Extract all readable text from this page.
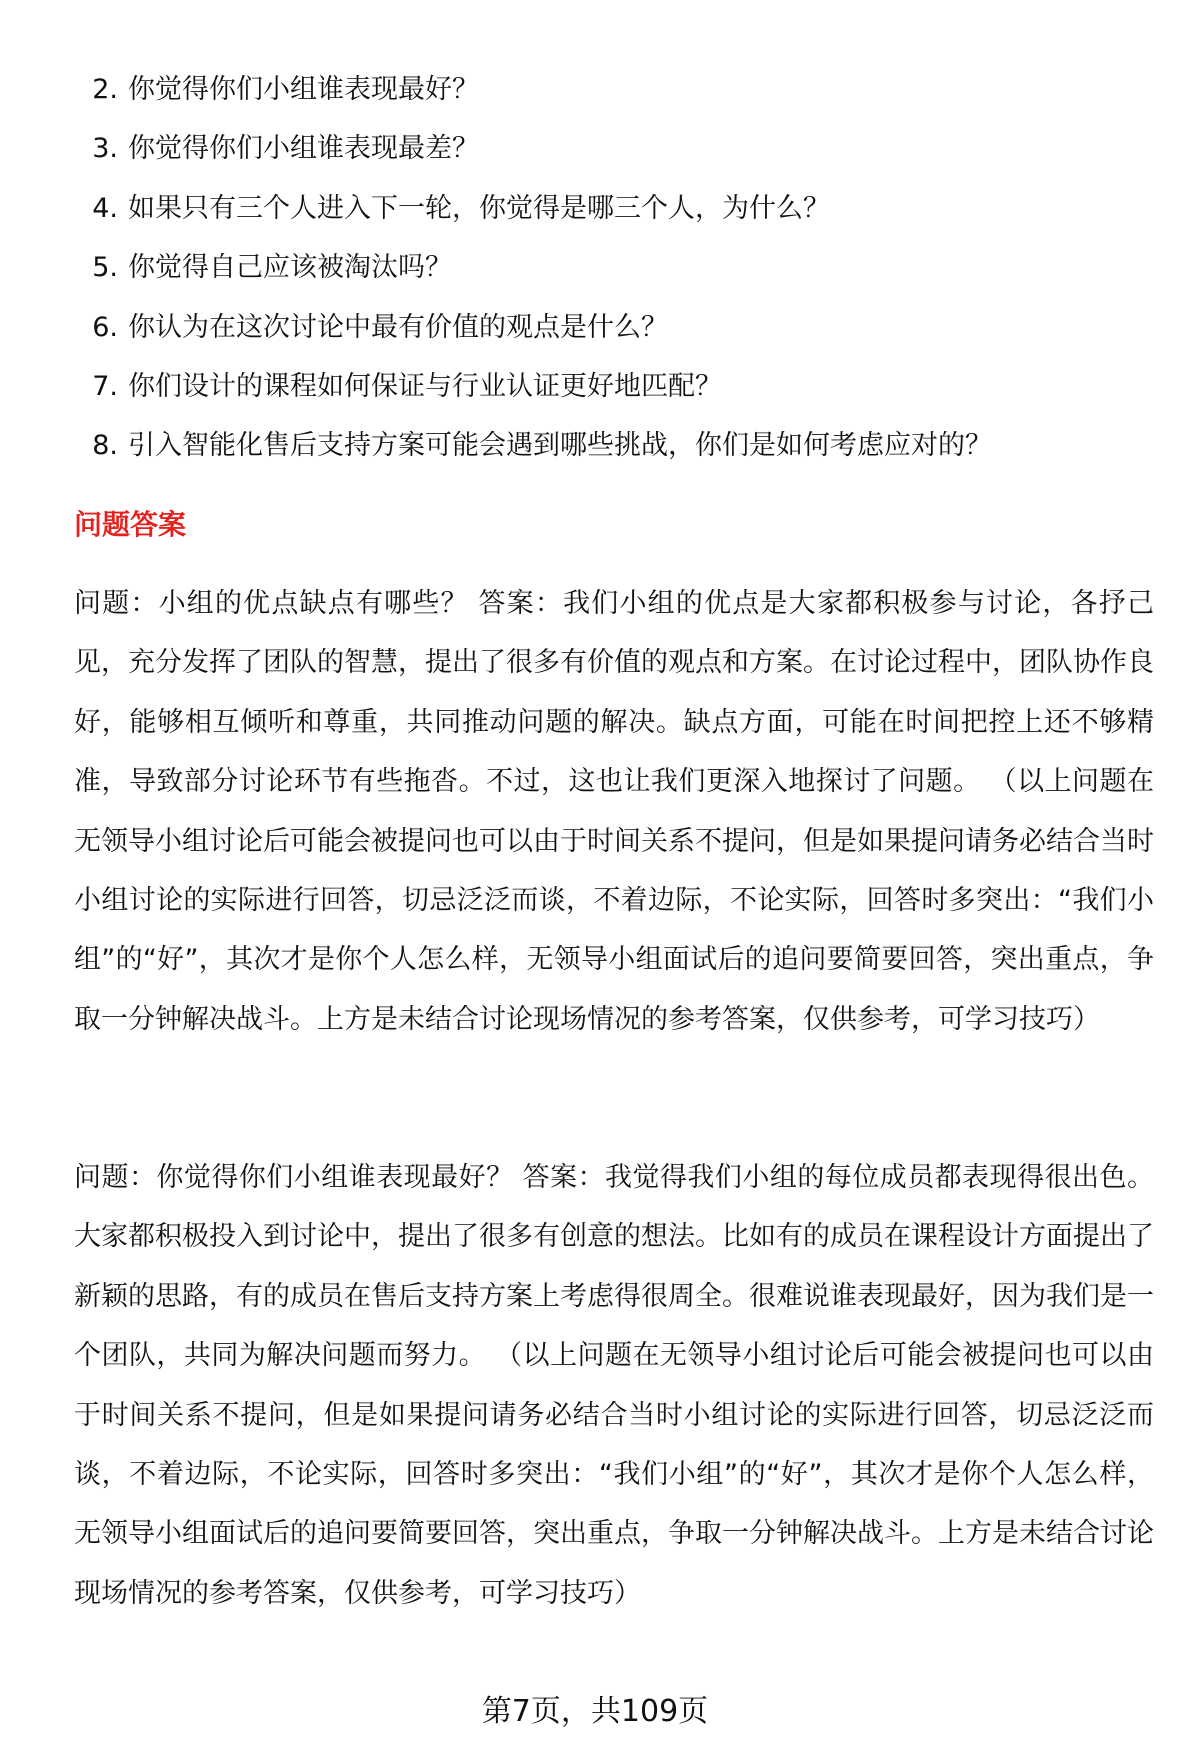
2. 你觉得你们小组谁表现最好？
3. 你觉得你们小组谁表现最差？
4. 如果只有三个人进入下一轮，你觉得是哪三个人，为什么？
5. 你觉得自己应该被淘汰吗？
6. 你认为在这次讨论中最有价值的观点是什么？
7. 你们设计的课程如何保证与行业认证更好地匹配？
8. 引入智能化售后支持方案可能会遇到哪些挑战，你们是如何考虑应对的？
问题答案

问题：小组的优点缺点有哪些？ 答案：我们小组的优点是大家都积极参与讨论，各抒己见，充分发挥了团队的智慧，提出了很多有价值的观点和方案。在讨论过程中，团队协作良好，能够相互倾听和尊重，共同推动问题的解决。缺点方面，可能在时间把控上还不够精准，导致部分讨论环节有些拖沓。不过，这也让我们更深入地探讨了问题。 （以上问题在无领导小组讨论后可能会被提问也可以由于时间关系不提问，但是如果提问请务必结合当时小组讨论的实际进行回答，切忌泛泛而谈，不着边际，不论实际，回答时多突出：“我们小组”的“好”，其次才是你个人怎么样，无领导小组面试后的追问要简要回答，突出重点，争取一分钟解决战斗。上方是未结合讨论现场情况的参考答案，仅供参考，可学习技巧）

问题：你觉得你们小组谁表现最好？ 答案：我觉得我们小组的每位成员都表现得很出色。大家都积极投入到讨论中，提出了很多有创意的想法。比如有的成员在课程设计方面提出了新颖的思路，有的成员在售后支持方案上考虑得很周全。很难说谁表现最好，因为我们是一个团队，共同为解决问题而努力。 （以上问题在无领导小组讨论后可能会被提问也可以由于时间关系不提问，但是如果提问请务必结合当时小组讨论的实际进行回答，切忌泛泛而谈，不着边际，不论实际，回答时多突出：“我们小组”的“好”，其次才是你个人怎么样，无领导小组面试后的追问要简要回答，突出重点，争取一分钟解决战斗。上方是未结合讨论现场情况的参考答案，仅供参考，可学习技巧）

第7页，共109页
